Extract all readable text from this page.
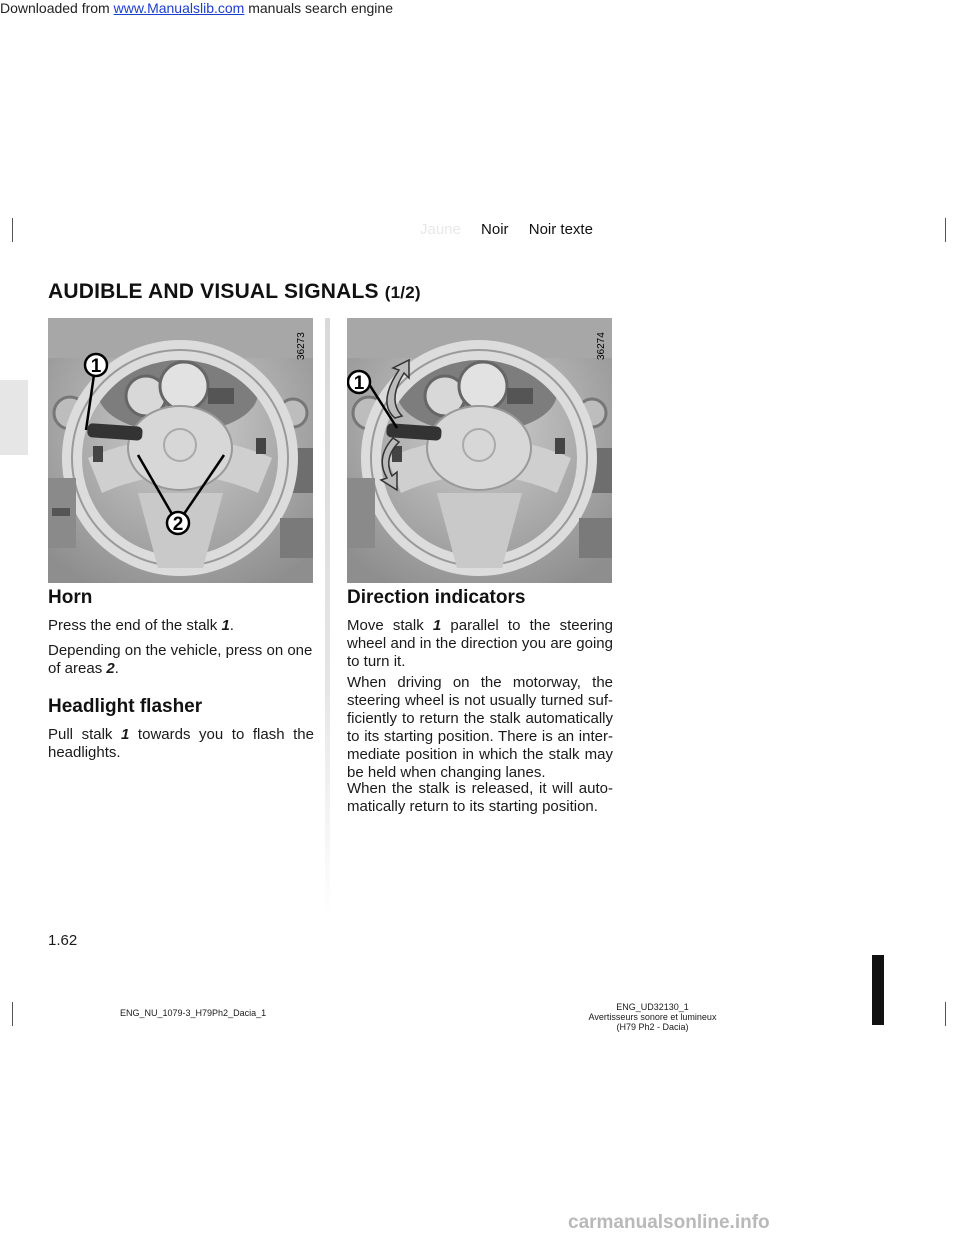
Downloaded from www.Manualslib.com manuals search engine
Jaune Noir Noir texte
AUDIBLE AND VISUAL SIGNALS (1/2)
1
2
36273
1
36274
Horn
Press the end of the stalk 1.
Depending on the vehicle, press on one of areas 2.
Headlight flasher
Pull stalk 1 towards you to flash the headlights.
Direction indicators
Move stalk 1 parallel to the steering wheel and in the direction you are going to turn it.
When driving on the motorway, the steering wheel is not usually turned suf-ficiently to return the stalk automatically to its starting position. There is an inter-mediate position in which the stalk may be held when changing lanes.
When the stalk is released, it will auto-matically return to its starting position.
1.62
ENG_NU_1079-3_H79Ph2_Dacia_1
ENG_UD32130_1
Avertisseurs sonore et lumineux (H79 Ph2 - Dacia)
carmanualsonline.info
